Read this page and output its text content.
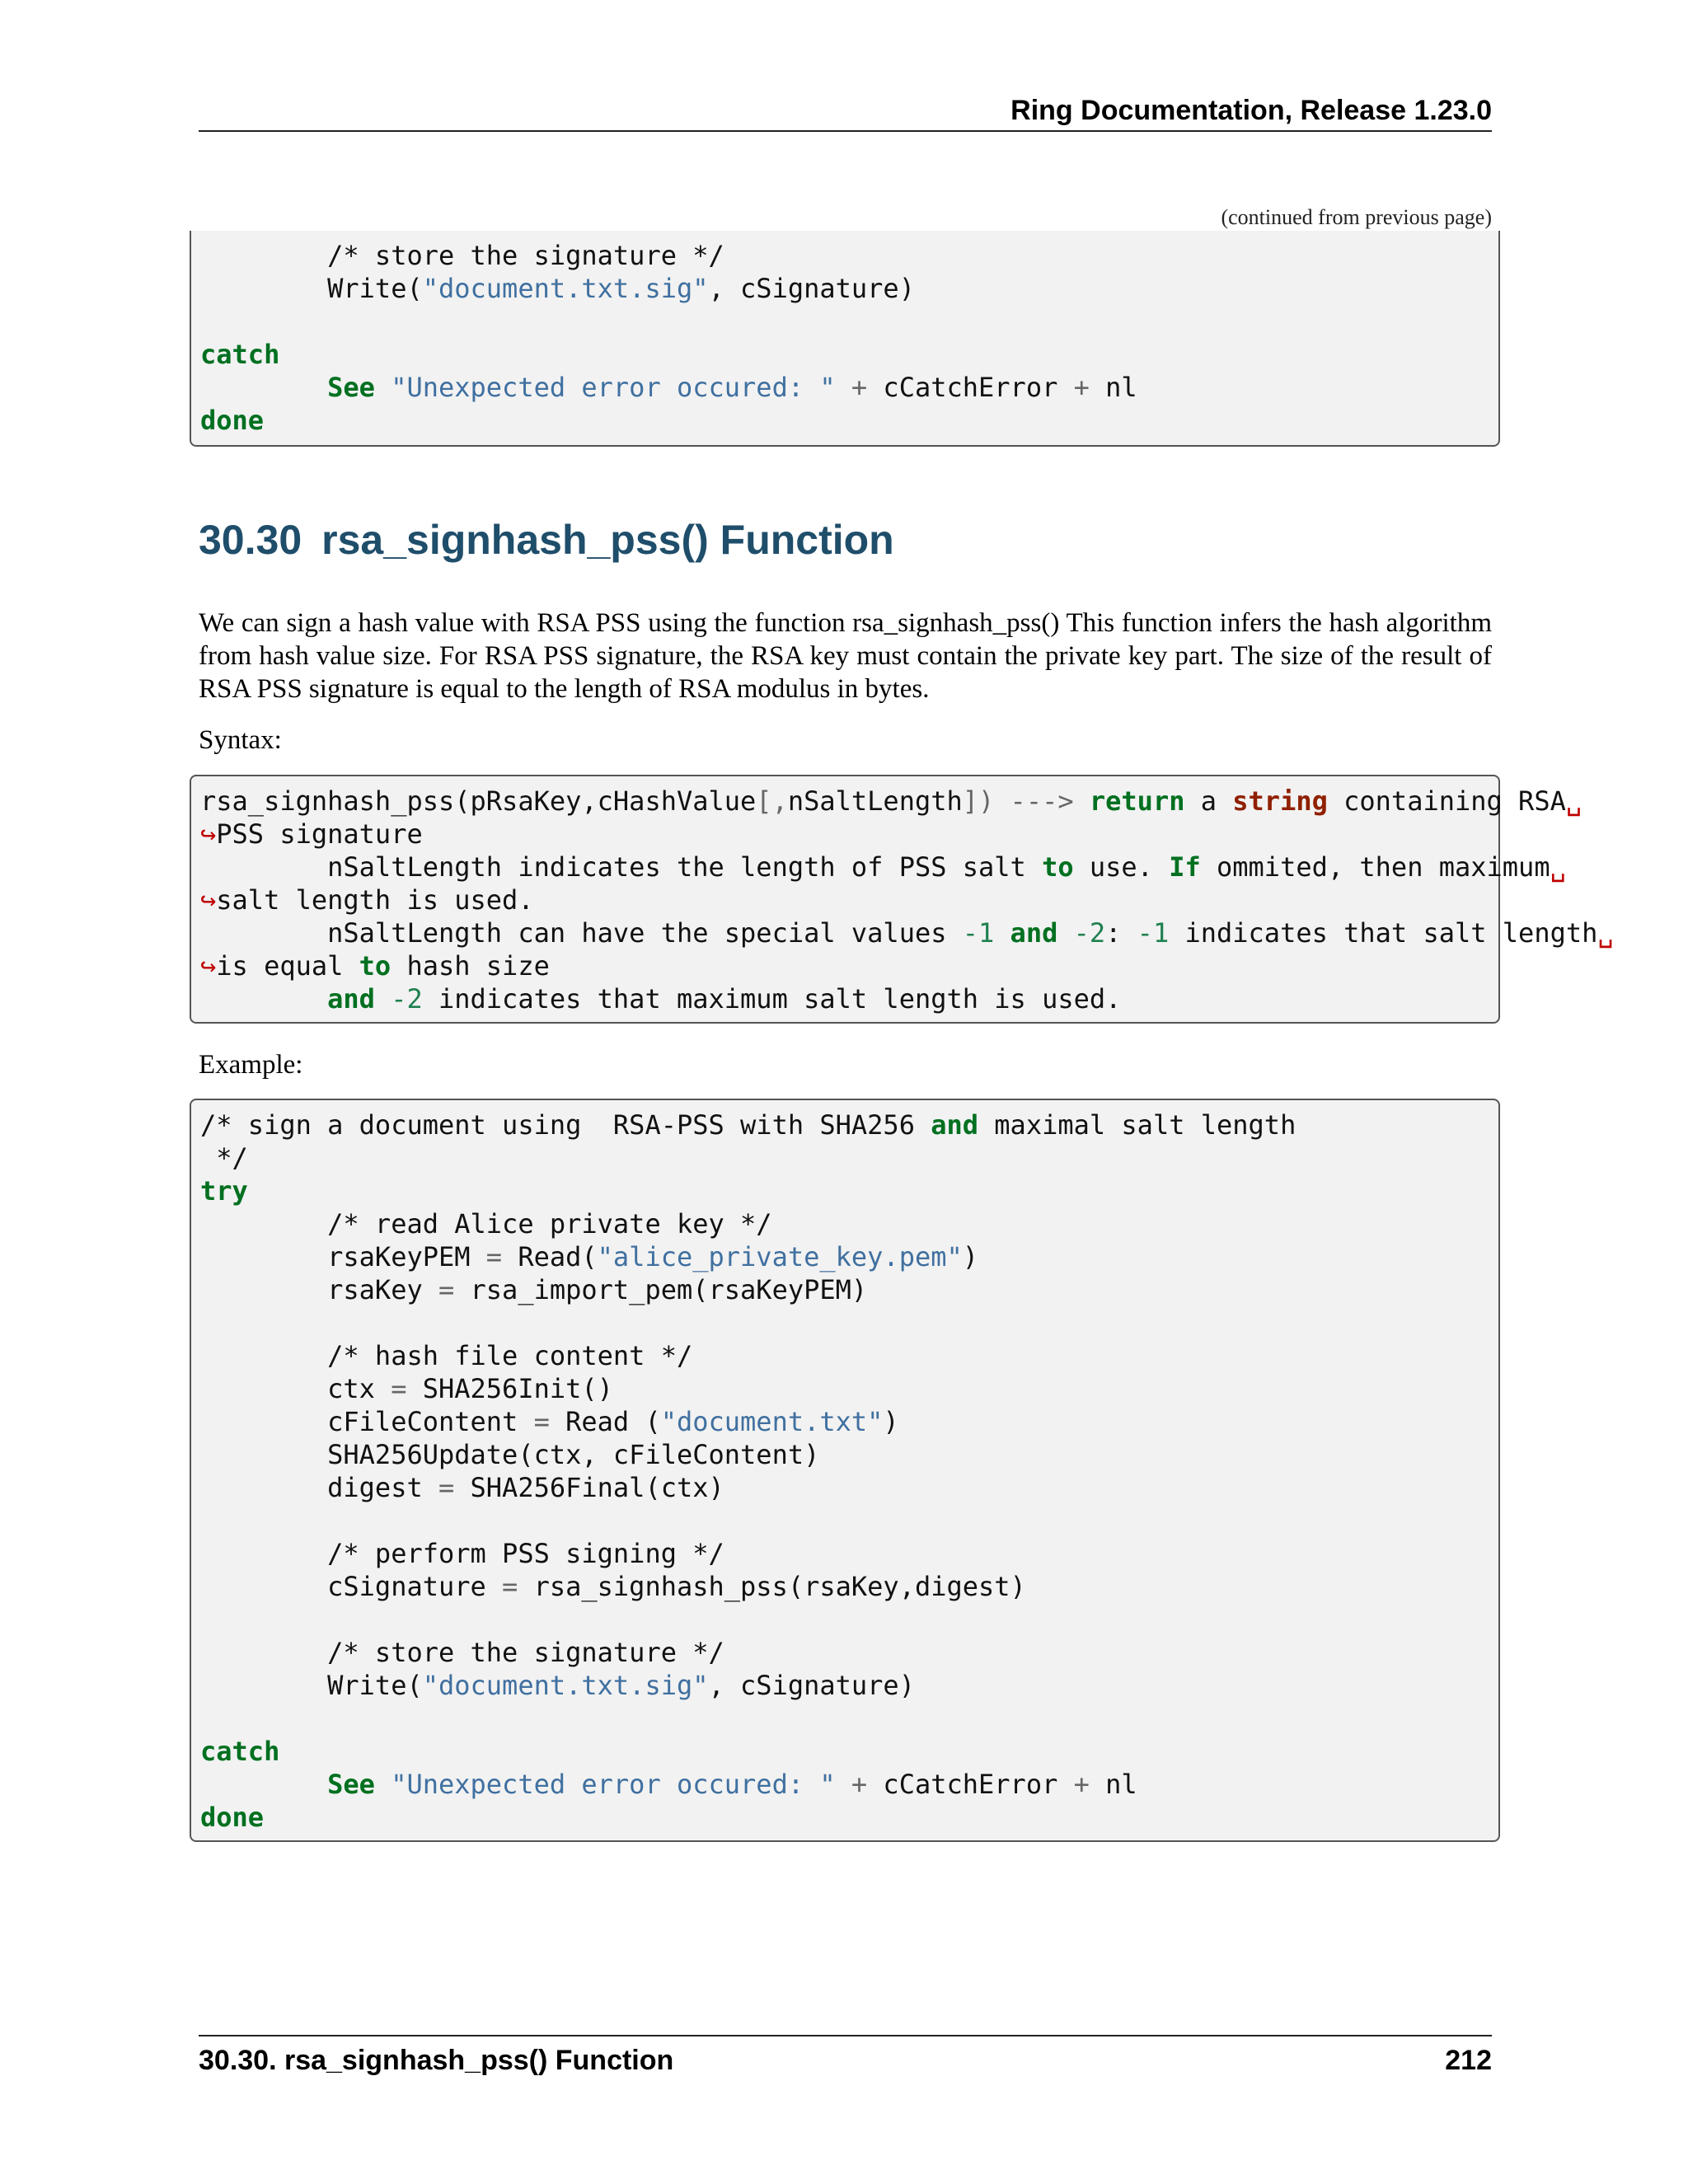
Ring Documentation, Release 1.23.0
(continued from previous page)
/* store the signature */
Write("document.txt.sig", cSignature)
catch
See "Unexpected error occured: " + cCatchError + nl
done
30.30 rsa_signhash_pss() Function

We can sign a hash value with RSA PSS using the function rsa_signhash_pss() This function infers the hash algorithm from hash value size. For RSA PSS signature, the RSA key must contain the private key part. The size of the result of RSA PSS signature is equal to the length of RSA modulus in bytes.

Syntax:

rsa_signhash_pss(pRsaKey,cHashValue[,nSaltLength]) ---> return a string containing RSA␣
↪PSS signature
nSaltLength indicates the length of PSS salt to use. If ommited, then maximum␣
↪salt length is used.
nSaltLength can have the special values -1 and -2: -1 indicates that salt length␣
↪is equal to hash size
and -2 indicates that maximum salt length is used.

Example:

/* sign a document using  RSA-PSS with SHA256 and maximal salt length
*/
try
/* read Alice private key */
rsaKeyPEM = Read("alice_private_key.pem")
rsaKey = rsa_import_pem(rsaKeyPEM)
/* hash file content */
ctx = SHA256Init()
cFileContent = Read ("document.txt")
SHA256Update(ctx, cFileContent)
digest = SHA256Final(ctx)
/* perform PSS signing */
cSignature = rsa_signhash_pss(rsaKey,digest)
/* store the signature */
Write("document.txt.sig", cSignature)
catch
See "Unexpected error occured: " + cCatchError + nl
done
30.30. rsa_signhash_pss() Function	212
